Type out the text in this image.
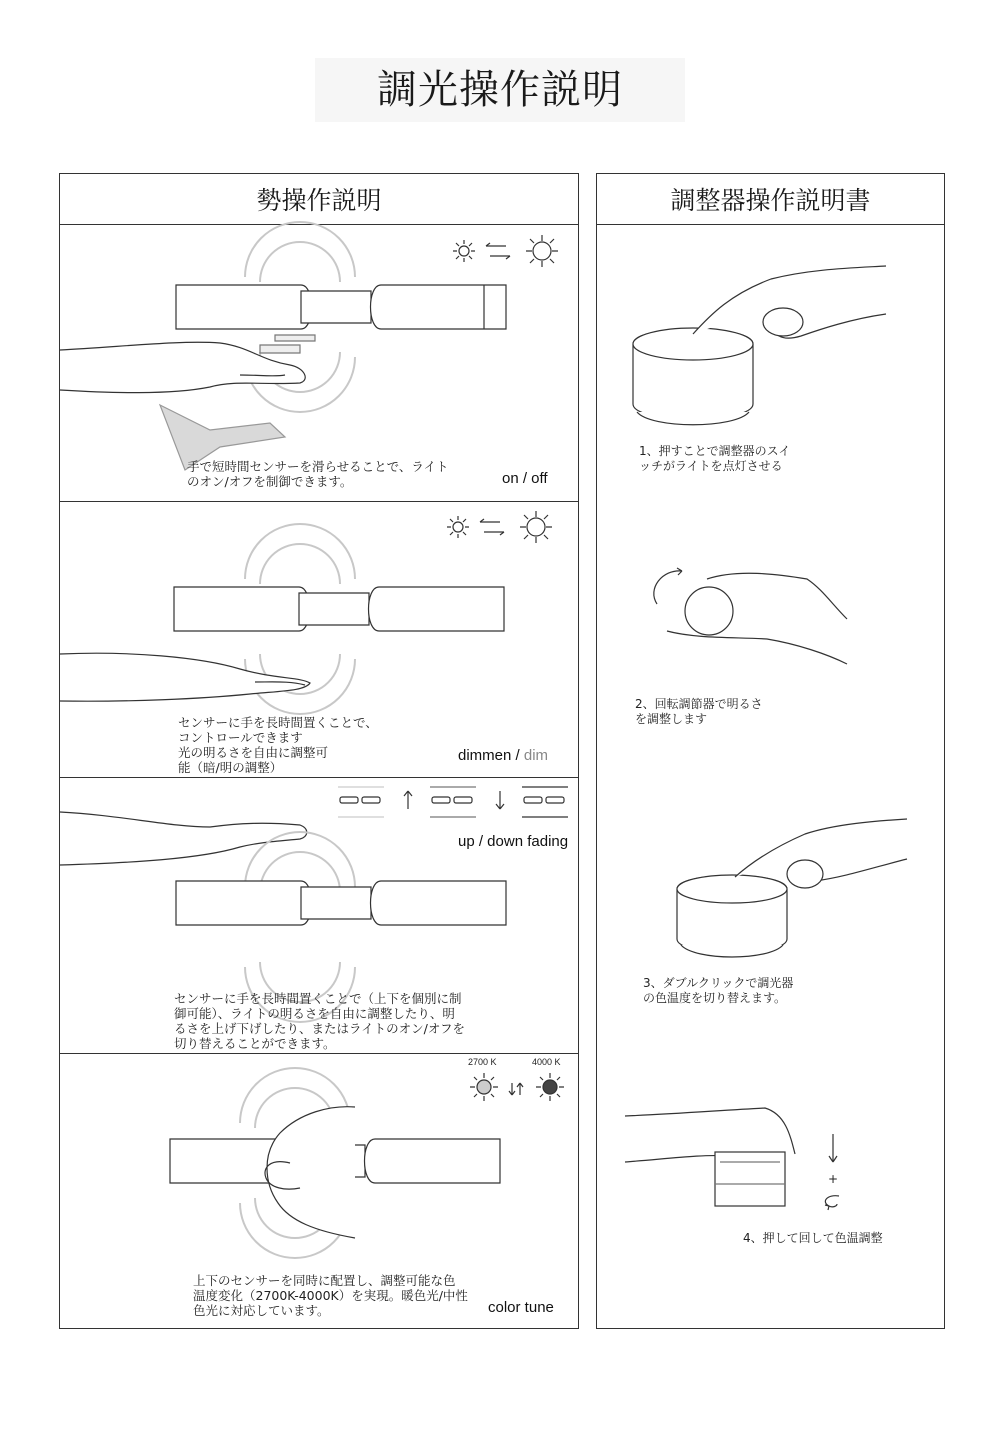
調光操作説明
勢操作説明
手で短時間センサーを滑らせることで、ライト
のオン/オフを制御できます。	on / off
センサーに手を長時間置くことで、
コントロールできます
光の明るさを自由に調整可
能（暗/明の調整）
dimmen / dim
up / down fading
センサーに手を長時間置くことで（上下を個別に制
御可能）、ライトの明るさを自由に調整したり、明
るさを上げ下げしたり、またはライトのオン/オフを
切り替えることができます。
2700 K	4000 K
上下のセンサーを同時に配置し、調整可能な色
温度変化（2700K-4000K）を実現。暖色光/中性
色光に対応しています。	color tune
調整器操作説明書
1、押すことで調整器のスイ
ッチがライトを点灯させる
2、回転調節器で明るさ
を調整します
3、ダブルクリックで調光器
の色温度を切り替えます。
+
4、押して回して色温調整
